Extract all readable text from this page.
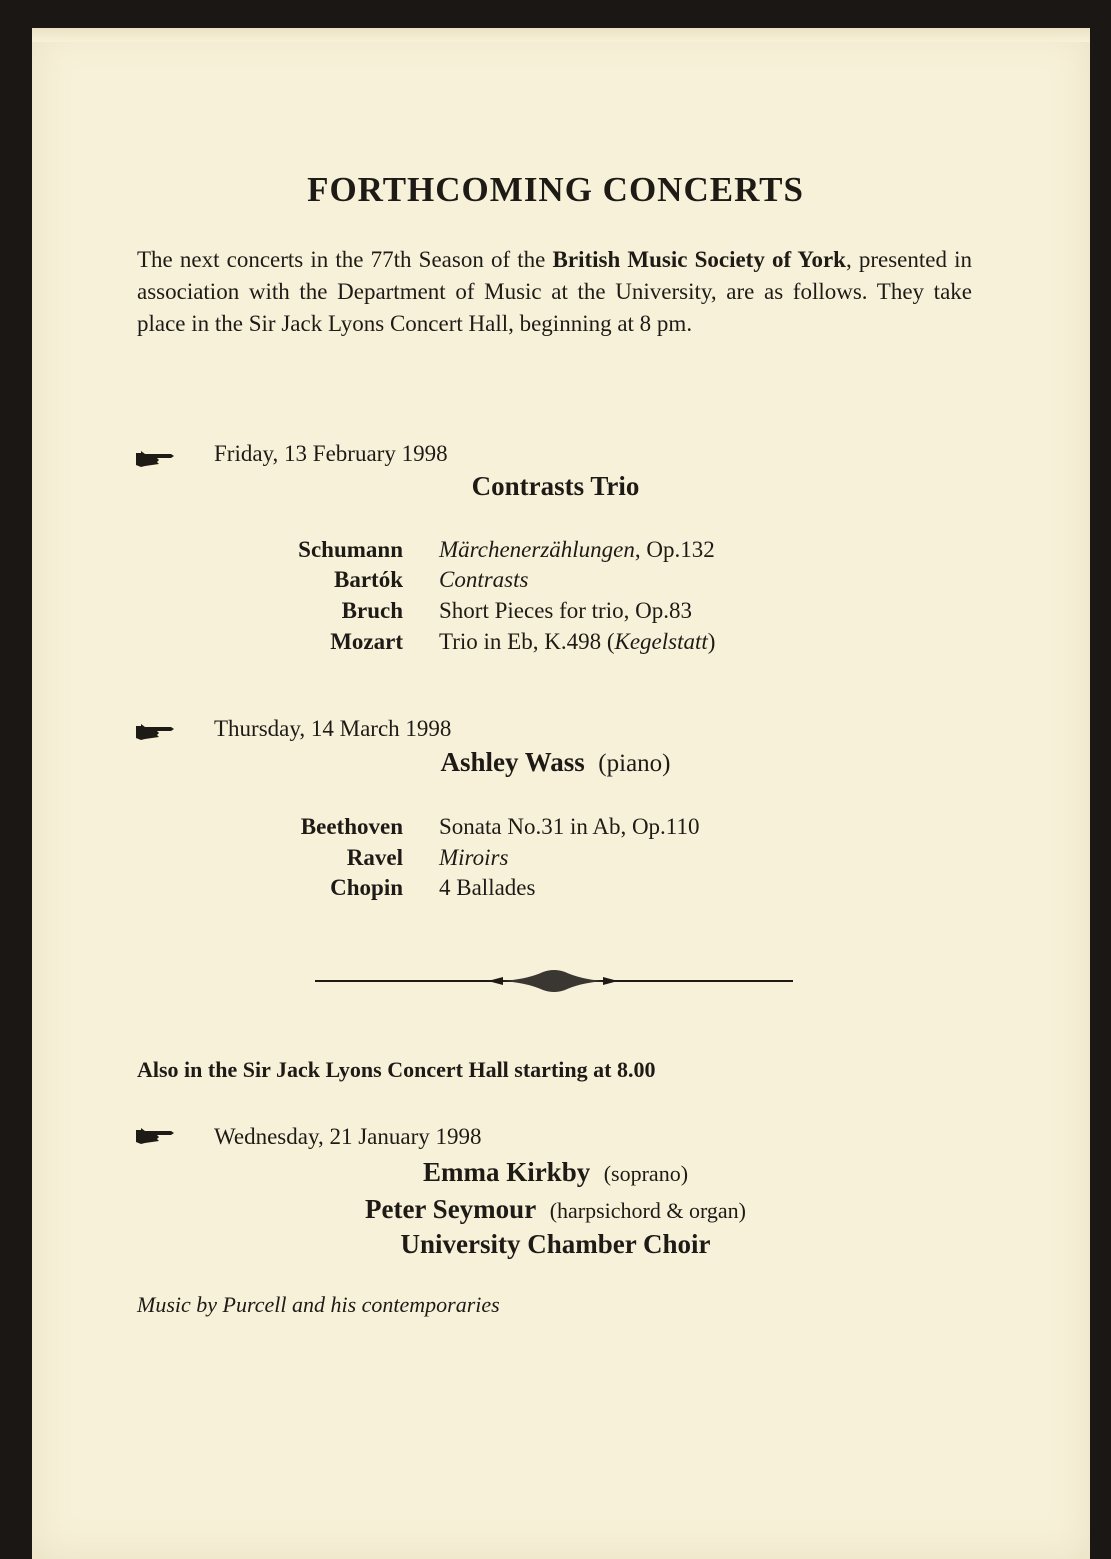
FORTHCOMING CONCERTS
The next concerts in the 77th Season of the British Music Society of York, presented in association with the Department of Music at the University, are as follows. They take place in the Sir Jack Lyons Concert Hall, beginning at 8 pm.
Friday, 13 February 1998
Contrasts Trio
Schumann Märchenerzählungen, Op.132
Bartók Contrasts
Bruch Short Pieces for trio, Op.83
Mozart Trio in Eb, K.498 (Kegelstatt)
Thursday, 14 March 1998
Ashley Wass (piano)
Beethoven Sonata No.31 in Ab, Op.110
Ravel Miroirs
Chopin 4 Ballades
Also in the Sir Jack Lyons Concert Hall starting at 8.00
Wednesday, 21 January 1998
Emma Kirkby (soprano)
Peter Seymour (harpsichord & organ)
University Chamber Choir
Music by Purcell and his contemporaries
